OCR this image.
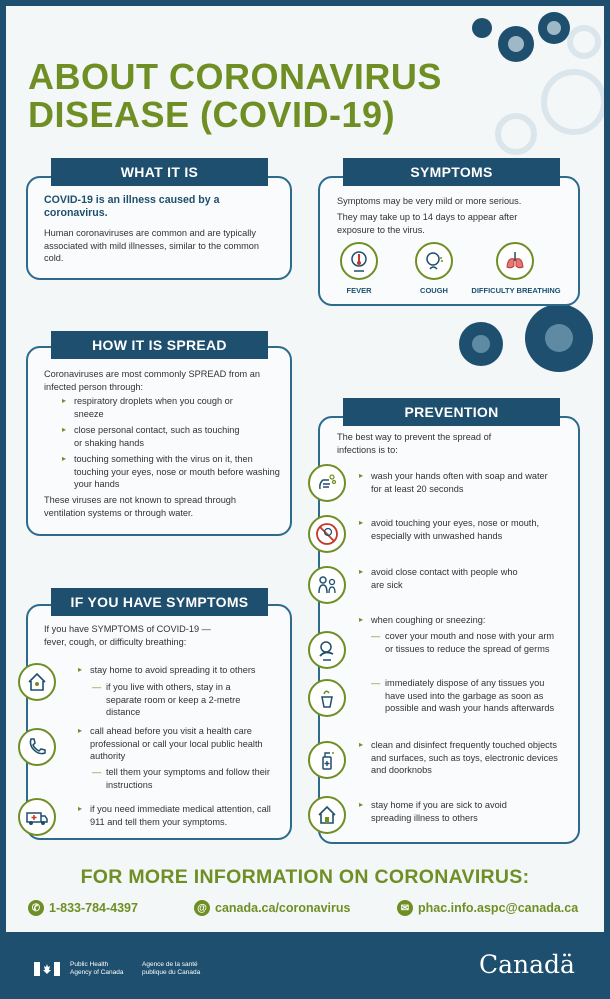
ABOUT CORONAVIRUS
DISEASE (COVID-19)
WHAT IT IS
COVID-19 is an illness caused by a coronavirus.
Human coronaviruses are common and are typically associated with mild illnesses, similar to the common cold.
SYMPTOMS
Symptoms may be very mild or more serious.
They may take up to 14 days to appear after exposure to the virus.
FEVER	COUGH	DIFFICULTY BREATHING
HOW IT IS SPREAD
Coronaviruses are most commonly SPREAD from an infected person through:
▸ respiratory droplets when you cough or sneeze
▸ close personal contact, such as touching or shaking hands
▸ touching something with the virus on it, then touching your eyes, nose or mouth before washing your hands
These viruses are not known to spread through ventilation systems or through water.
IF YOU HAVE SYMPTOMS
If you have SYMPTOMS of COVID-19 — fever, cough, or difficulty breathing:
▸ stay home to avoid spreading it to others
— if you live with others, stay in a separate room or keep a 2-metre distance
▸ call ahead before you visit a health care professional or call your local public health authority
— tell them your symptoms and follow their instructions
▸ if you need immediate medical attention, call 911 and tell them your symptoms.
PREVENTION
The best way to prevent the spread of infections is to:
▸ wash your hands often with soap and water for at least 20 seconds
▸ avoid touching your eyes, nose or mouth, especially with unwashed hands
▸ avoid close contact with people who are sick
▸ when coughing or sneezing:
— cover your mouth and nose with your arm or tissues to reduce the spread of germs
— immediately dispose of any tissues you have used into the garbage as soon as possible and wash your hands afterwards
▸ clean and disinfect frequently touched objects and surfaces, such as toys, electronic devices and doorknobs
▸ stay home if you are sick to avoid spreading illness to others
FOR MORE INFORMATION ON CORONAVIRUS:
✆ 1-833-784-4397	@ canada.ca/coronavirus	✉ phac.info.aspc@canada.ca
Public Health
Agency of Canada
Agence de la santé
publique du Canada	Canadä
